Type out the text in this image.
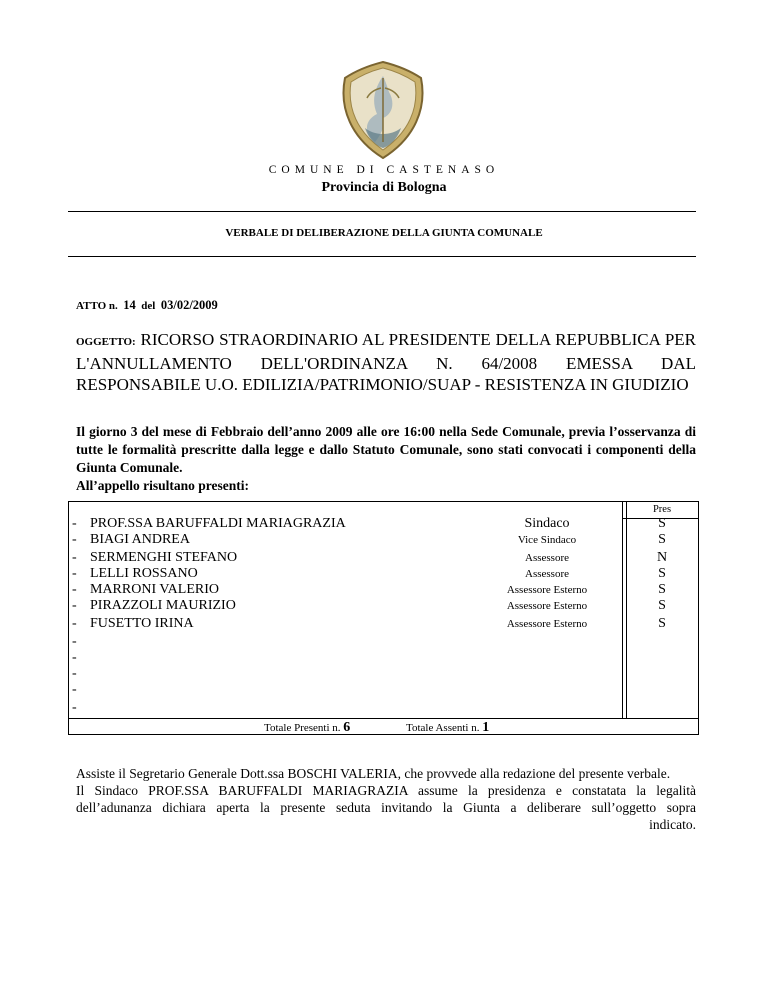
COMUNE DI CASTENASO
Provincia di Bologna
VERBALE DI DELIBERAZIONE DELLA GIUNTA COMUNALE
ATTO n. 14 del 03/02/2009
OGGETTO: RICORSO STRAORDINARIO AL PRESIDENTE DELLA REPUBBLICA PER L'ANNULLAMENTO DELL'ORDINANZA N. 64/2008 EMESSA DAL RESPONSABILE U.O. EDILIZIA/PATRIMONIO/SUAP - RESISTENZA IN GIUDIZIO
Il giorno 3 del mese di Febbraio dell’anno 2009 alle ore 16:00 nella Sede Comunale, previa l’osservanza di tutte le formalità prescritte dalla legge e dallo Statuto Comunale, sono stati convocati i componenti della Giunta Comunale.
All’appello risultano presenti:
Pres
- PROF.SSA BARUFFALDI MARIAGRAZIA	Sindaco	S
- BIAGI ANDREA	Vice Sindaco	S
- SERMENGHI STEFANO	Assessore	N
- LELLI ROSSANO	Assessore	S
- MARRONI VALERIO	Assessore Esterno	S
- PIRAZZOLI MAURIZIO	Assessore Esterno	S
- FUSETTO IRINA	Assessore Esterno	S
-
-
-
-
-
Totale Presenti n. 6	Totale Assenti n. 1

Assiste il Segretario Generale Dott.ssa BOSCHI VALERIA, che provvede alla redazione del presente verbale.

Il Sindaco PROF.SSA BARUFFALDI MARIAGRAZIA assume la presidenza e constatata la legalità dell’adunanza dichiara aperta la presente seduta invitando la Giunta a deliberare sull’oggetto sopra

indicato.
